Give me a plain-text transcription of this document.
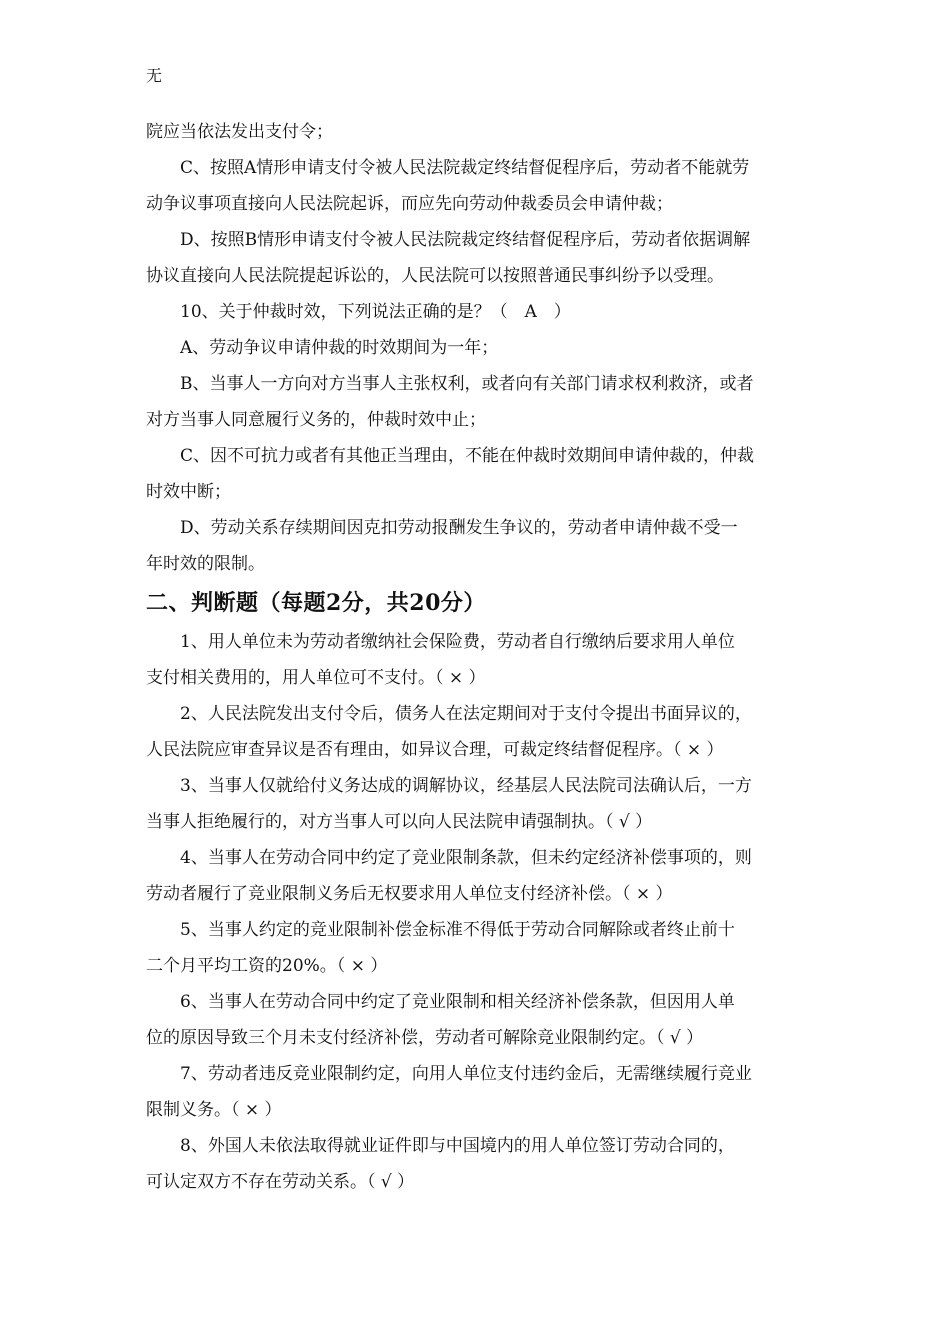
无
院应当依法发出支付令；
C、按照A情形申请支付令被人民法院裁定终结督促程序后，劳动者不能就劳
动争议事项直接向人民法院起诉，而应先向劳动仲裁委员会申请仲裁；
D、按照B情形申请支付令被人民法院裁定终结督促程序后，劳动者依据调解
协议直接向人民法院提起诉讼的，人民法院可以按照普通民事纠纷予以受理。
10、关于仲裁时效，下列说法正确的是？（　A　）
A、劳动争议申请仲裁的时效期间为一年；
B、当事人一方向对方当事人主张权利，或者向有关部门请求权利救济，或者
对方当事人同意履行义务的，仲裁时效中止；
C、因不可抗力或者有其他正当理由，不能在仲裁时效期间申请仲裁的，仲裁
时效中断；
D、劳动关系存续期间因克扣劳动报酬发生争议的，劳动者申请仲裁不受一
年时效的限制。
二、判断题（每题2分，共20分）
1、用人单位未为劳动者缴纳社会保险费，劳动者自行缴纳后要求用人单位
支付相关费用的，用人单位可不支付。（ × ）
2、人民法院发出支付令后，债务人在法定期间对于支付令提出书面异议的，
人民法院应审查异议是否有理由，如异议合理，可裁定终结督促程序。（ × ）
3、当事人仅就给付义务达成的调解协议，经基层人民法院司法确认后，一方
当事人拒绝履行的，对方当事人可以向人民法院申请强制执。（ √ ）
4、当事人在劳动合同中约定了竞业限制条款，但未约定经济补偿事项的，则
劳动者履行了竞业限制义务后无权要求用人单位支付经济补偿。（ × ）
5、当事人约定的竞业限制补偿金标准不得低于劳动合同解除或者终止前十
二个月平均工资的20%。（ × ）
6、当事人在劳动合同中约定了竞业限制和相关经济补偿条款，但因用人单
位的原因导致三个月未支付经济补偿，劳动者可解除竞业限制约定。（ √ ）
7、劳动者违反竞业限制约定，向用人单位支付违约金后，无需继续履行竞业
限制义务。（ × ）
8、外国人未依法取得就业证件即与中国境内的用人单位签订劳动合同的，
可认定双方不存在劳动关系。（ √ ）
